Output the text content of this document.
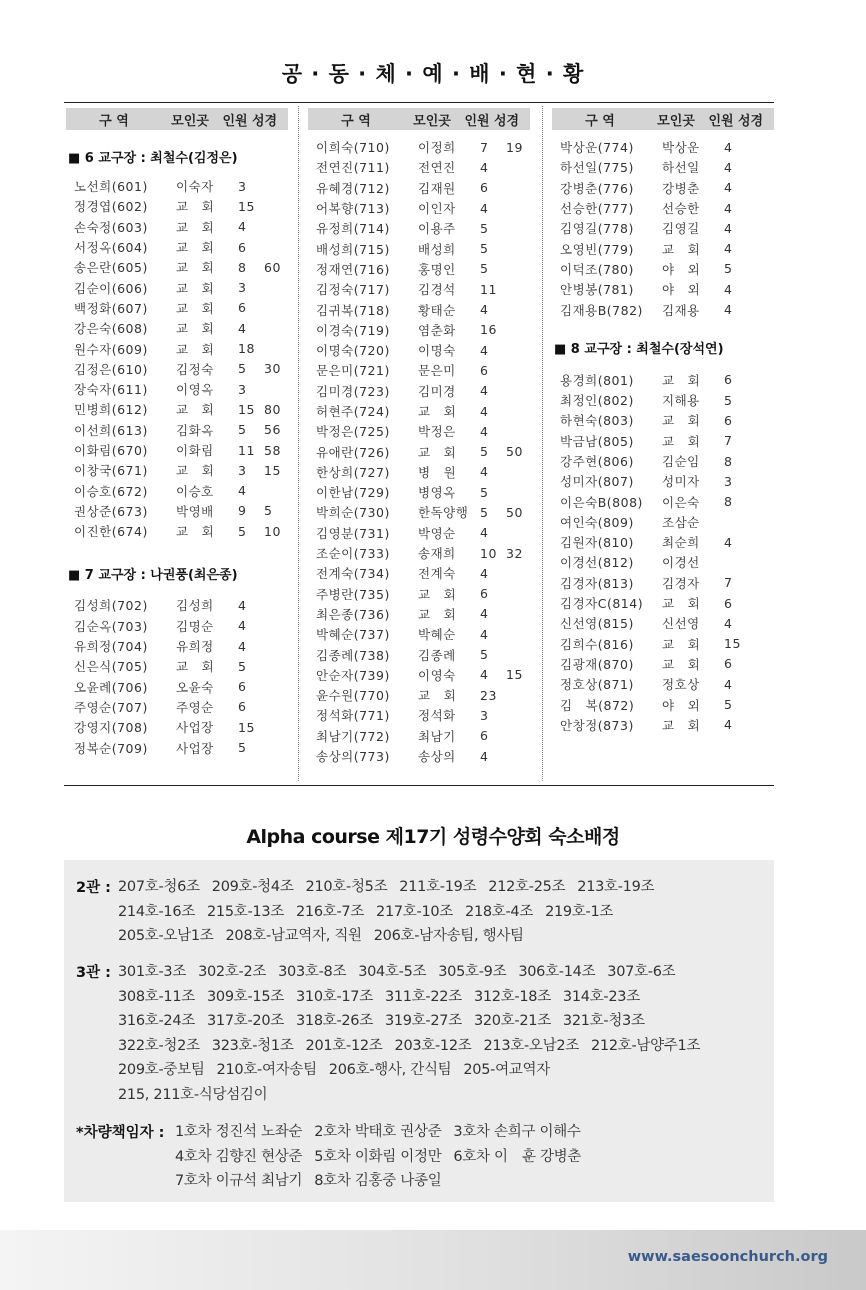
공 · 동 · 체 · 예 · 배 · 현 · 황
구 역	모인곳	인원 성경
■ 6 교구장 : 최철수(김정은)
노선희(601)	이숙자	3
정경엽(602)	교　회	15
손숙정(603)	교　회	4
서정옥(604)	교　회	6
송은란(605)	교　회	8	60
김순이(606)	교　회	3
백정화(607)	교　회	6
강은숙(608)	교　회	4
원수자(609)	교　회	18
김정은(610)	김정숙	5	30
장숙자(611)	이영옥	3
민병희(612)	교　회	15 80
이선희(613)	김화옥	5	56
이화림(670)	이화림	11 58
이창국(671)	교　회	3	15
이승호(672)	이승호	4
권상준(673)	박영배	9	5
이진한(674)	교　회	5	10
■ 7 교구장 : 나권풍(최은종)
김성희(702)	김성희	4
김순옥(703)	김명순	4
유희정(704)	유희정	4
신은식(705)	교　회	5
오윤례(706)	오윤숙	6
주영순(707)	주영순	6
강영지(708)	사업장	15
정복순(709)	사업장	5
구 역	모인곳	인원 성경
이희숙(710)	이정희	7	19
전연진(711)	전연진	4
유혜경(712)	김재원	6
어복향(713)	이인자	4
유정희(714)	이용주	5
배성희(715)	배성희	5
정재연(716)	홍명인	5
김정숙(717)	김경석	11
김귀복(718)	황태순	4
이경숙(719)	염춘화	16
이명숙(720)	이명숙	4
문은미(721)	문은미	6
김미경(723)	김미경	4
허현주(724)	교　회	4
박정은(725)	박정은	4
유애란(726)	교　회	5	50
한상희(727)	병　원	4
이한남(729)	병영옥	5
박희순(730)	한독양행 5	50
김영분(731)	박영순	4
조순이(733)	송재희	10 32
전계숙(734)	전계숙	4
주병란(735)	교　회	6
최은종(736)	교　회	4
박혜순(737)	박혜순	4
김종례(738)	김종례	5
안순자(739)	이영숙	4	15
윤수원(770)	교　회	23
정석화(771)	정석화	3
최남기(772)	최남기	6
송상의(773)	송상의	4
구 역	모인곳	인원 성경
박상운(774)	박상운	4
하선일(775)	하선일	4
강병춘(776)	강병춘	4
선승한(777)	선승한	4
김영길(778)	김영길	4
오영빈(779)	교　회	4
이덕조(780)	야　외	5
안병봉(781)	야　외	4
김재용B(782)	김재용	4
■ 8 교구장 : 최철수(장석연)
용경희(801)	교　회	6
최정인(802)	지해용	5
하현숙(803)	교　회	6
박금남(805)	교　회	7
강주현(806)	김순임	8
성미자(807)	성미자	3
이은숙B(808)	이은숙	8
여인숙(809)	조삼순
김원자(810)	최순희	4
이경선(812)	이경선
김경자(813)	김경자	7
김경자C(814)	교　회	6
신선영(815)	신선영	4
김희수(816)	교　회	15
김광재(870)	교　회	6
정호상(871)	정호상	4
김　복(872)	야　외	5
안창정(873)	교　회	4
Alpha course 제17기 성령수양회 숙소배정
2관 : 207호-청6조 209호-청4조 210호-청5조 211호-19조 212호-25조 213호-19조
214호-16조 215호-13조 216호-7조 217호-10조 218호-4조 219호-1조
205호-오남1조 208호-남교역자, 직원 206호-남자송팀, 행사팀
3관 : 301호-3조 302호-2조 303호-8조 304호-5조 305호-9조 306호-14조 307호-6조
308호-11조 309호-15조 310호-17조 311호-22조 312호-18조 314호-23조
316호-24조 317호-20조 318호-26조 319호-27조 320호-21조 321호-청3조
322호-청2조 323호-청1조 201호-12조 203호-12조 213호-오남2조 212호-남양주1조
209호-중보팀 210호-여자송팀 206호-행사, 간식팀 205-여교역자
215, 211호-식당섬김이
*차량책임자 : 1호차 정진석 노좌순 2호차 박태호 권상준 3호차 손희구 이해수
4호차 김향진 현상준 5호차 이화림 이정만 6호차 이　훈 강병춘
7호차 이규석 최남기 8호차 김홍중 나종일
www.saesoonchurch.org
